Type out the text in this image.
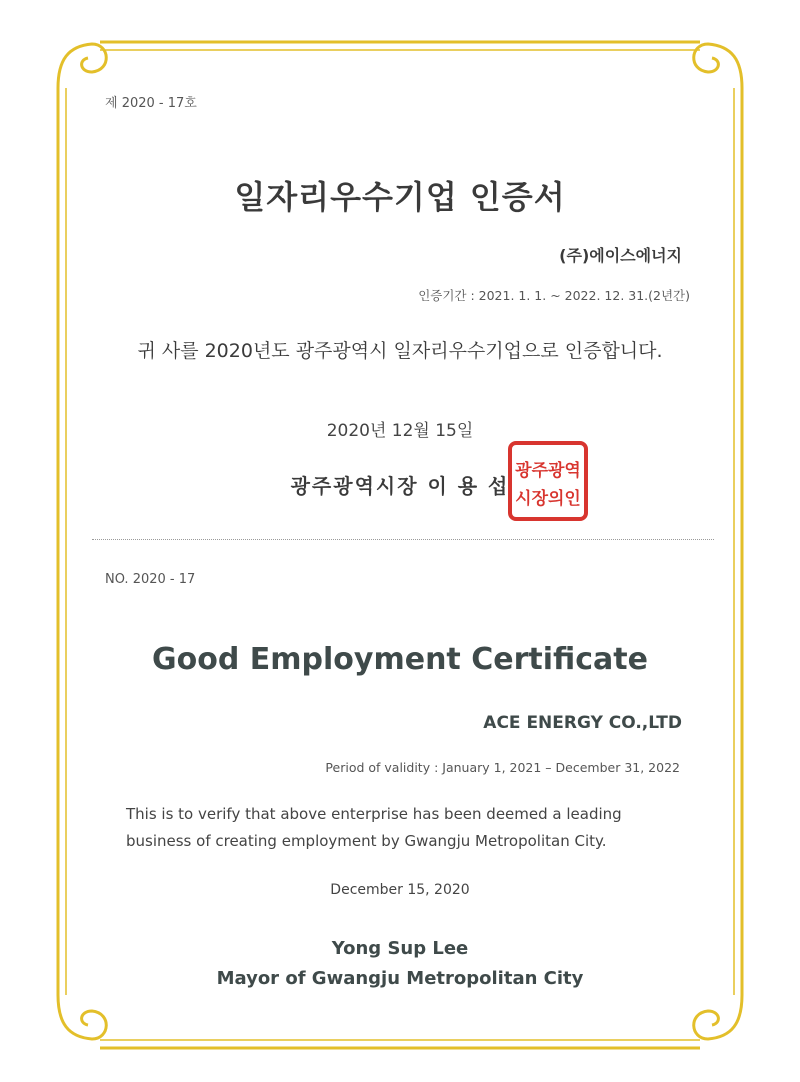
제 2020 - 17호
일자리우수기업 인증서
(주)에이스에너지
인증기간 : 2021. 1. 1. ~ 2022. 12. 31.(2년간)
귀 사를 2020년도 광주광역시 일자리우수기업으로 인증합니다.
2020년 12월 15일
광주광역시장 이 용 섭
광주광역
시장의인
NO. 2020 - 17
Good Employment Certificate
ACE ENERGY CO.,LTD
Period of validity : January 1, 2021 – December 31, 2022
This is to verify that above enterprise has been deemed a leading business of creating employment by Gwangju Metropolitan City.
December 15, 2020
Yong Sup Lee
Mayor of Gwangju Metropolitan City
